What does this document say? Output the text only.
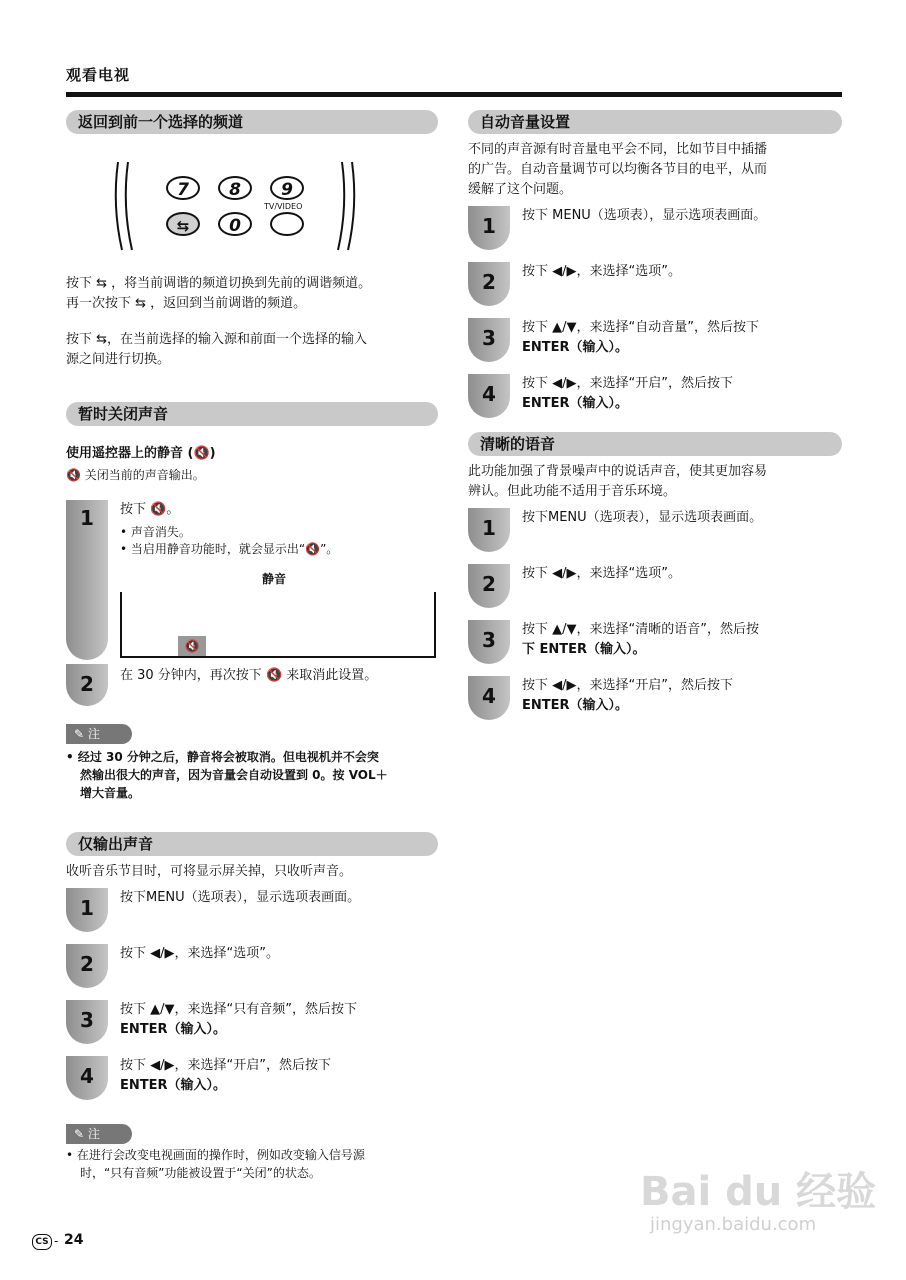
观看电视
返回到前一个选择的频道
7	8	9
⇆	0
TV/VIDEO
按下 ⇆ ，将当前调谐的频道切换到先前的调谐频道。
再一次按下 ⇆ ，返回到当前调谐的频道。
按下 ⇆，在当前选择的输入源和前面一个选择的输入
源之间进行切换。
暂时关闭声音
使用遥控器上的静音 (🔇)
🔇 关闭当前的声音输出。
1	按下 🔇。
• 声音消失。
• 当启用静音功能时，就会显示出“🔇”。
静音
🔇
2	在 30 分钟内，再次按下 🔇 来取消此设置。
✎ 注
• 经过 30 分钟之后，静音将会被取消。但电视机并不会突
然输出很大的声音，因为音量会自动设置到 0。按 VOL＋
增大音量。
仅输出声音
收听音乐节目时，可将显示屏关掉，只收听声音。
1	按下MENU（选项表），显示选项表画面。
2	按下 ◀/▶，来选择“选项”。
3	按下 ▲/▼，来选择“只有音频”，然后按下
ENTER（输入）。
4	按下 ◀/▶，来选择“开启”，然后按下
ENTER（输入）。
✎ 注
• 在进行会改变电视画面的操作时，例如改变输入信号源
时，“只有音频”功能被设置于“关闭”的状态。
自动音量设置
不同的声音源有时音量电平会不同，比如节目中插播
的广告。自动音量调节可以均衡各节目的电平，从而
缓解了这个问题。
1	按下 MENU（选项表），显示选项表画面。
2	按下 ◀/▶，来选择“选项”。
3	按下 ▲/▼，来选择“自动音量”，然后按下
ENTER（输入）。
4	按下 ◀/▶，来选择“开启”，然后按下
ENTER（输入）。
清晰的语音
此功能加强了背景噪声中的说话声音，使其更加容易
辨认。但此功能不适用于音乐环境。
1	按下MENU（选项表），显示选项表画面。
2	按下 ◀/▶，来选择“选项”。
3	按下 ▲/▼，来选择“清晰的语音”，然后按
下 ENTER（输入）。
4	按下 ◀/▶，来选择“开启”，然后按下
ENTER（输入）。
CS - 24
Bai du 经验
jingyan.baidu.com
